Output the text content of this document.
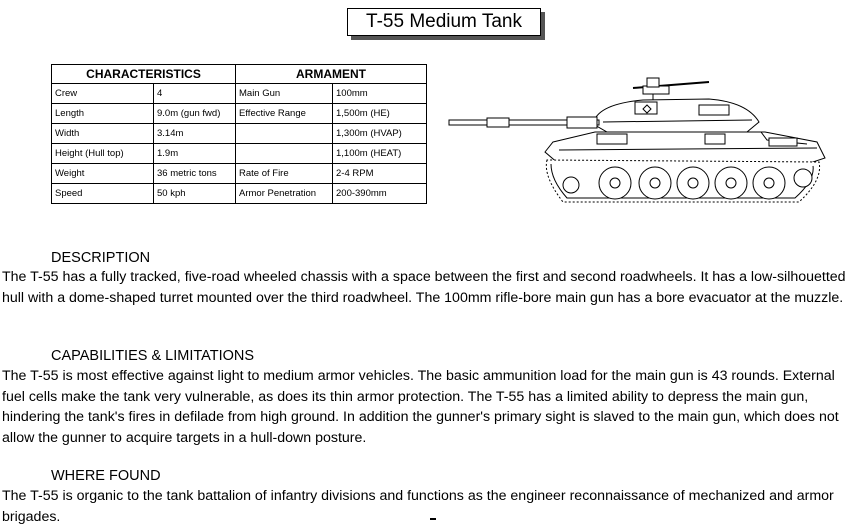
T-55 Medium Tank
CHARACTERISTICS		ARMAMENT	
Crew	4	Main Gun	100mm
Length	9.0m (gun fwd)	Effective Range	1,500m (HE)
Width	3.14m		1,300m (HVAP)
Height (Hull top)	1.9m		1,100m (HEAT)
Weight	36 metric tons	Rate of Fire	2-4 RPM
Speed	50 kph	Armor Penetration	200-390mm
DESCRIPTION
The T-55 has a fully tracked, five-road wheeled chassis with a space between the first and second roadwheels. It has a low-silhouetted hull with a dome-shaped turret mounted over the third roadwheel. The 100mm rifle-bore main gun has a bore evacuator at the muzzle.
CAPABILITIES & LIMITATIONS
The T-55 is most effective against light to medium armor vehicles. The basic ammunition load for the main gun is 43 rounds. External fuel cells make the tank very vulnerable, as does its thin armor protection. The T-55 has a limited ability to depress the main gun, hindering the tank's fires in defilade from high ground. In addition the gunner's primary sight is slaved to the main gun, which does not allow the gunner to acquire targets in a hull-down posture.
WHERE FOUND
The T-55 is organic to the tank battalion of infantry divisions and functions as the engineer reconnaissance of mechanized and armor brigades.
